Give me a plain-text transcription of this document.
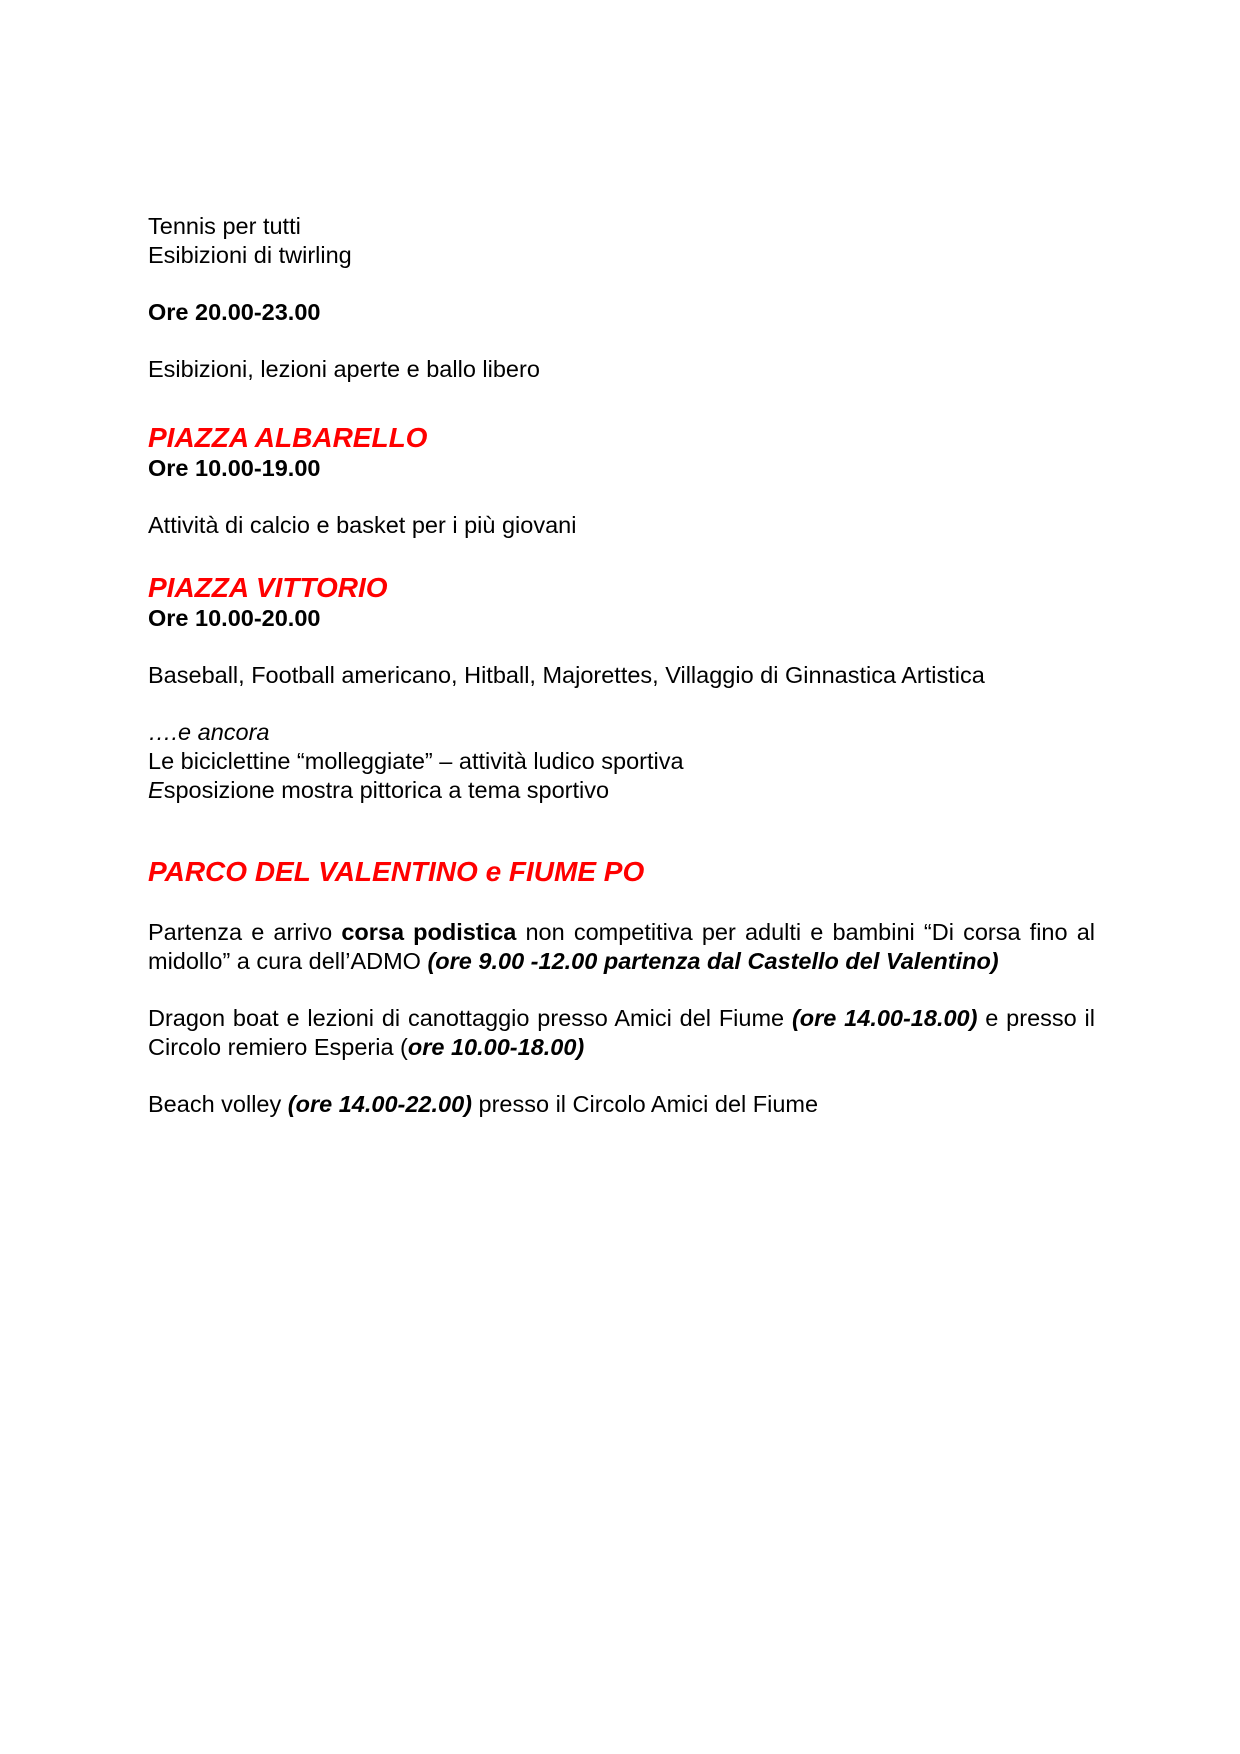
Tennis per tutti

Esibizioni di twirling

Ore 20.00-23.00

Esibizioni, lezioni aperte e ballo libero

PIAZZA ALBARELLO

Ore 10.00-19.00

Attività di calcio e basket per i più giovani

PIAZZA VITTORIO

Ore 10.00-20.00

Baseball, Football americano, Hitball, Majorettes, Villaggio di Ginnastica Artistica

….e ancora

Le biciclettine “molleggiate” – attività ludico sportiva

Esposizione mostra pittorica a tema sportivo

PARCO DEL VALENTINO e FIUME PO

Partenza e arrivo corsa podistica non competitiva per adulti e bambini “Di corsa fino al midollo” a cura dell’ADMO (ore 9.00 -12.00 partenza dal Castello del Valentino)

Dragon boat e lezioni di canottaggio presso Amici del Fiume (ore 14.00-18.00) e presso il Circolo remiero Esperia (ore 10.00-18.00)

Beach volley (ore 14.00-22.00) presso il Circolo Amici del Fiume
